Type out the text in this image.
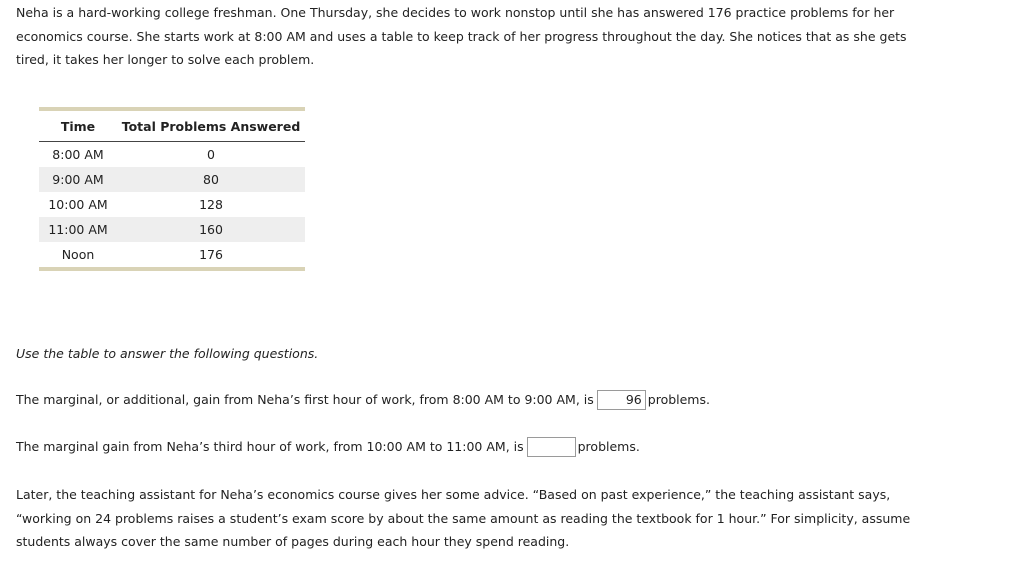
Neha is a hard-working college freshman. One Thursday, she decides to work nonstop until she has answered 176 practice problems for her economics course. She starts work at 8:00 AM and uses a table to keep track of her progress throughout the day. She notices that as she gets tired, it takes her longer to solve each problem.

Time	Total Problems Answered
8:00 AM	0
9:00 AM	80
10:00 AM	128
11:00 AM	160
Noon	176

Use the table to answer the following questions.

The marginal, or additional, gain from Neha’s first hour of work, from 8:00 AM to 9:00 AM, is96	problems.
The marginal gain from Neha’s third hour of work, from 10:00 AM to 11:00 AM, is	problems.

Later, the teaching assistant for Neha’s economics course gives her some advice. “Based on past experience,” the teaching assistant says, “working on 24 problems raises a student’s exam score by about the same amount as reading the textbook for 1 hour.” For simplicity, assume students always cover the same number of pages during each hour they spend reading.
